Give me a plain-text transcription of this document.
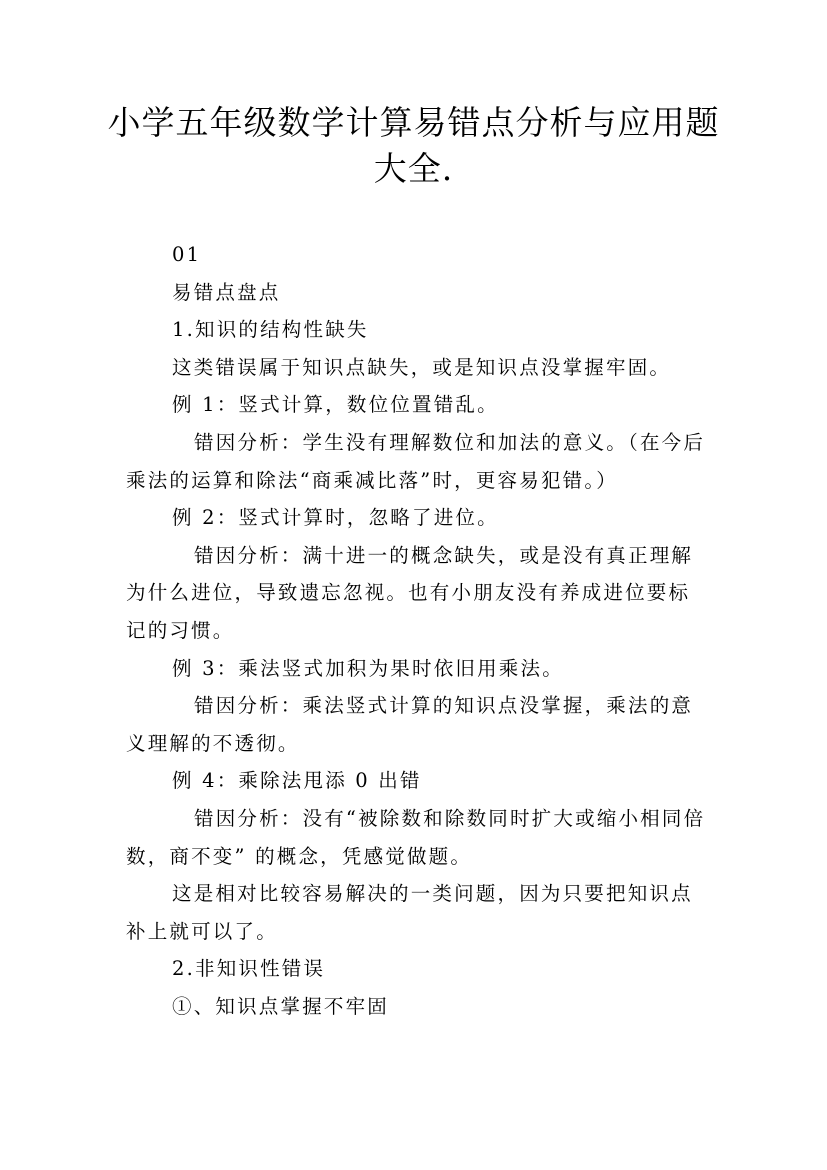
小学五年级数学计算易错点分析与应用题
大全.

01

易错点盘点

1.知识的结构性缺失

这类错误属于知识点缺失，或是知识点没掌握牢固。

例 1：竖式计算，数位位置错乱。

错因分析：学生没有理解数位和加法的意义。（在今后乘法的运算和除法“商乘减比落”时，更容易犯错。）

例 2：竖式计算时，忽略了进位。

错因分析：满十进一的概念缺失，或是没有真正理解为什么进位，导致遗忘忽视。也有小朋友没有养成进位要标记的习惯。

例 3：乘法竖式加积为果时依旧用乘法。

错因分析：乘法竖式计算的知识点没掌握，乘法的意义理解的不透彻。

例 4：乘除法甩添 0 出错

错因分析：没有“被除数和除数同时扩大或缩小相同倍数，商不变” 的概念，凭感觉做题。

这是相对比较容易解决的一类问题，因为只要把知识点补上就可以了。

2.非知识性错误

①、知识点掌握不牢固
